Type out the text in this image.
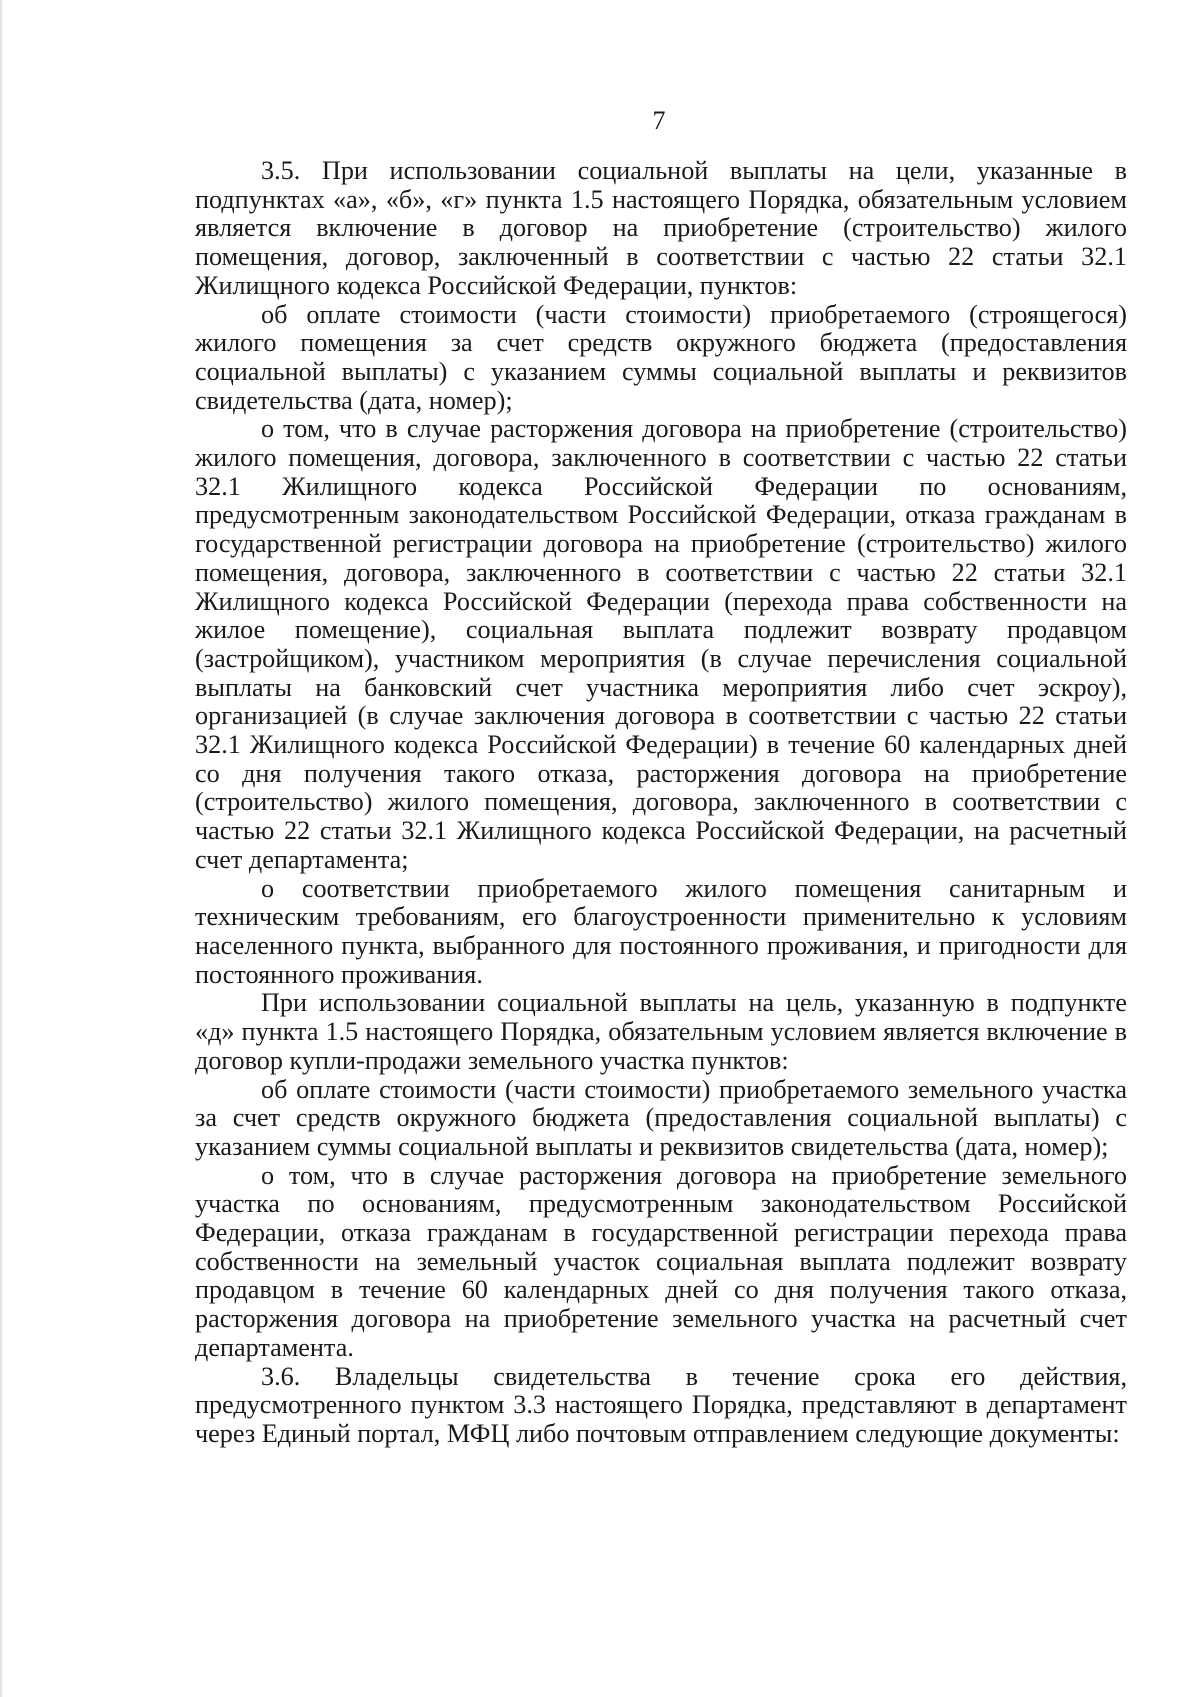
7

3.5. При использовании социальной выплаты на цели, указанные в подпунктах «а», «б», «г» пункта 1.5 настоящего Порядка, обязательным условием является включение в договор на приобретение (строительство) жилого помещения, договор, заключенный в соответствии с частью 22 статьи 32.1 Жилищного кодекса Российской Федерации, пунктов:

об оплате стоимости (части стоимости) приобретаемого (строящегося) жилого помещения за счет средств окружного бюджета (предоставления социальной выплаты) с указанием суммы социальной выплаты и реквизитов свидетельства (дата, номер);

о том, что в случае расторжения договора на приобретение (строительство) жилого помещения, договора, заключенного в соответствии с частью 22 статьи 32.1 Жилищного кодекса Российской Федерации по основаниям, предусмотренным законодательством Российской Федерации, отказа гражданам в государственной регистрации договора на приобретение (строительство) жилого помещения, договора, заключенного в соответствии с частью 22 статьи 32.1 Жилищного кодекса Российской Федерации (перехода права собственности на жилое помещение), социальная выплата подлежит возврату продавцом (застройщиком), участником мероприятия (в случае перечисления социальной выплаты на банковский счет участника мероприятия либо счет эскроу), организацией (в случае заключения договора в соответствии с частью 22 статьи 32.1 Жилищного кодекса Российской Федерации) в течение 60 календарных дней со дня получения такого отказа, расторжения договора на приобретение (строительство) жилого помещения, договора, заключенного в соответствии с частью 22 статьи 32.1 Жилищного кодекса Российской Федерации, на расчетный счет департамента;

о соответствии приобретаемого жилого помещения санитарным и техническим требованиям, его благоустроенности применительно к условиям населенного пункта, выбранного для постоянного проживания, и пригодности для постоянного проживания.

При использовании социальной выплаты на цель, указанную в подпункте «д» пункта 1.5 настоящего Порядка, обязательным условием является включение в договор купли-продажи земельного участка пунктов:

об оплате стоимости (части стоимости) приобретаемого земельного участка за счет средств окружного бюджета (предоставления социальной выплаты) с указанием суммы социальной выплаты и реквизитов свидетельства (дата, номер);

о том, что в случае расторжения договора на приобретение земельного участка по основаниям, предусмотренным законодательством Российской Федерации, отказа гражданам в государственной регистрации перехода права собственности на земельный участок социальная выплата подлежит возврату продавцом в течение 60 календарных дней со дня получения такого отказа, расторжения договора на приобретение земельного участка на расчетный счет департамента.

3.6. Владельцы свидетельства в течение срока его действия, предусмотренного пунктом 3.3 настоящего Порядка, представляют в департамент через Единый портал, МФЦ либо почтовым отправлением следующие документы:
